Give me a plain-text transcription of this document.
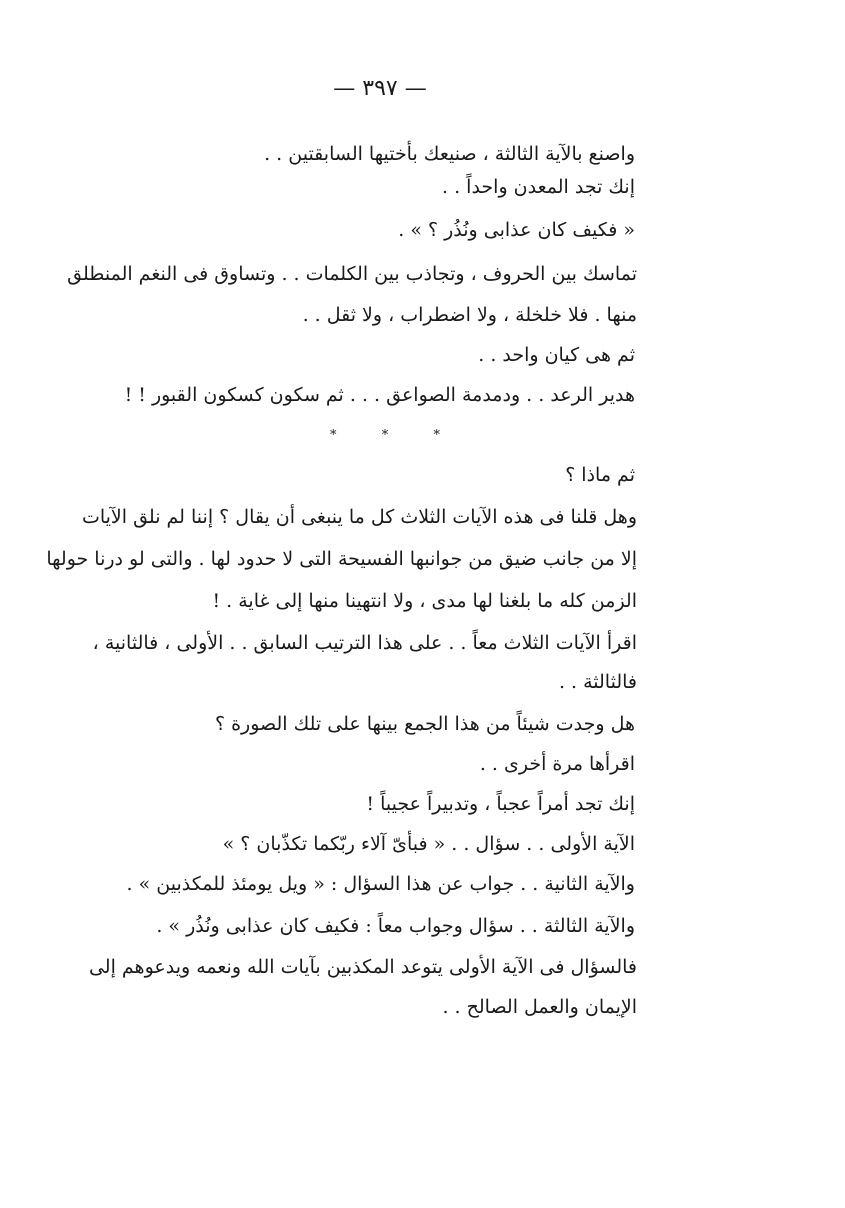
— ٣٩٧ —
واصنع بالآية الثالثة ، صنيعك بأختيها السابقتين . .
إنك تجد المعدن واحداً . .
« فكيف كان عذابى ونُذُر ؟ » .
تماسك بين الحروف ، وتجاذب بين الكلمات . . وتساوق فى النغم المنطلق
منها . فلا خلخلة ، ولا اضطراب ، ولا ثقل . .
ثم هى كيان واحد . .
هدير الرعد . . ودمدمة الصواعق . . . ثم سكون كسكون القبور ! !
*	*	*
ثم ماذا ؟
وهل قلنا فى هذه الآيات الثلاث كل ما ينبغى أن يقال ؟ إننا لم نلق الآيات
إلا من جانب ضيق من جوانبها الفسيحة التى لا حدود لها . والتى لو درنا حولها
الزمن كله ما بلغنا لها مدى ، ولا انتهينا منها إلى غاية . !
اقرأ الآيات الثلاث معاً . . على هذا الترتيب السابق . . الأولى ، فالثانية ،
فالثالثة . .
هل وجدت شيئاً من هذا الجمع بينها على تلك الصورة ؟
اقرأها مرة أخرى . .
إنك تجد أمراً عجباً ، وتدبيراً عجيباً !
الآية الأولى . . سؤال . . « فبأىّ آلاء ربّكما تكذّبان ؟ »
والآية الثانية . . جواب عن هذا السؤال : « ويل يومئذ للمكذبين » .
والآية الثالثة . . سؤال وجواب معاً : فكيف كان عذابى ونُذُر » .
فالسؤال فى الآية الأولى يتوعد المكذبين بآيات الله ونعمه ويدعوهم إلى
الإيمان والعمل الصالح . .
